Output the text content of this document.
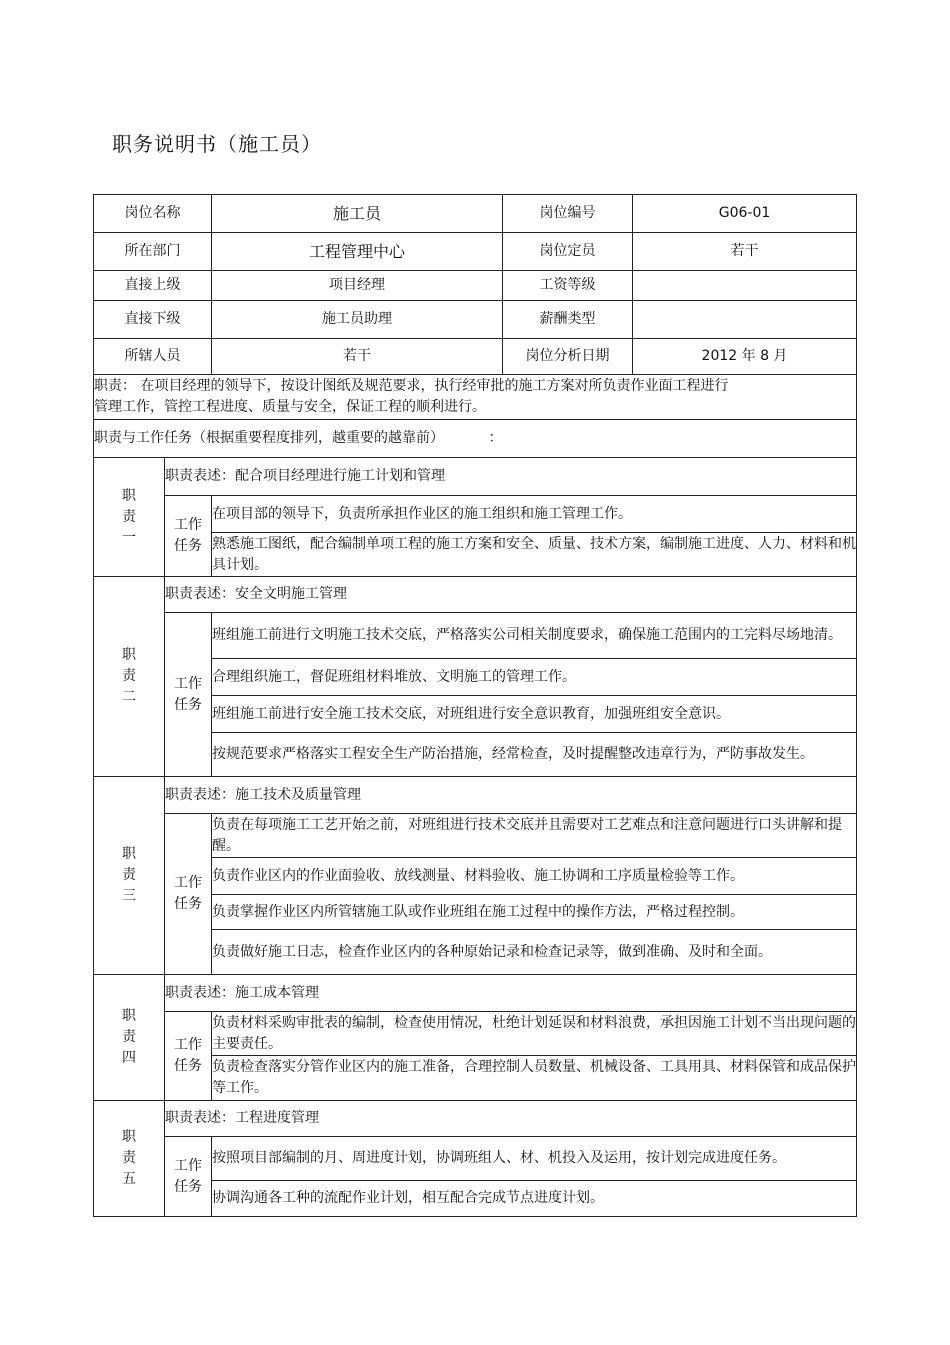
职务说明书（施工员）
岗位名称		施工员	岗位编号	G06-01
所在部门		工程管理中心	岗位定员	若干
直接上级		项目经理	工资等级	
直接下级		施工员助理	薪酬类型	
所辖人员		若干	岗位分析日期	2012 年 8 月

职责： 在项目经理的领导下，按设计图纸及规范要求，执行经审批的施工方案对所负责作业面工程进行
管理工作，管控工程进度、质量与安全，保证工程的顺利进行。				

职责与工作任务（根据重要程度排列，越重要的越靠前）          ：				

职责一	职责表述：配合项目经理进行施工计划和管理			

	工作任务	在项目部的领导下，负责所承担作业区的施工组织和施工管理工作。		
		熟悉施工图纸，配合编制单项工程的施工方案和安全、质量、技术方案，编制施工进度、人力、材料和机具计划。		

职责二	职责表述：安全文明施工管理			

	工作任务	班组施工前进行文明施工技术交底，严格落实公司相关制度要求，确保施工范围内的工完料尽场地清。		
		合理组织施工，督促班组材料堆放、文明施工的管理工作。		
		班组施工前进行安全施工技术交底，对班组进行安全意识教育，加强班组安全意识。		
		按规范要求严格落实工程安全生产防治措施，经常检查，及时提醒整改违章行为，严防事故发生。		

职责三	职责表述：施工技术及质量管理			

	工作任务	负责在每项施工工艺开始之前，对班组进行技术交底并且需要对工艺难点和注意问题进行口头讲解和提醒。		
		负责作业区内的作业面验收、放线测量、材料验收、施工协调和工序质量检验等工作。		
		负责掌握作业区内所管辖施工队或作业班组在施工过程中的操作方法，严格过程控制。		
		负责做好施工日志，检查作业区内的各种原始记录和检查记录等，做到准确、及时和全面。		

职责四	职责表述：施工成本管理			

	工作任务	负责材料采购审批表的编制，检查使用情况，杜绝计划延误和材料浪费，承担因施工计划不当出现问题的主要责任。		
		负责检查落实分管作业区内的施工准备，合理控制人员数量、机械设备、工具用具、材料保管和成品保护等工作。		

职责五	职责表述：工程进度管理			

	工作任务	按照项目部编制的月、周进度计划，协调班组人、材、机投入及运用，按计划完成进度任务。		
		协调沟通各工种的流配作业计划，相互配合完成节点进度计划。		
